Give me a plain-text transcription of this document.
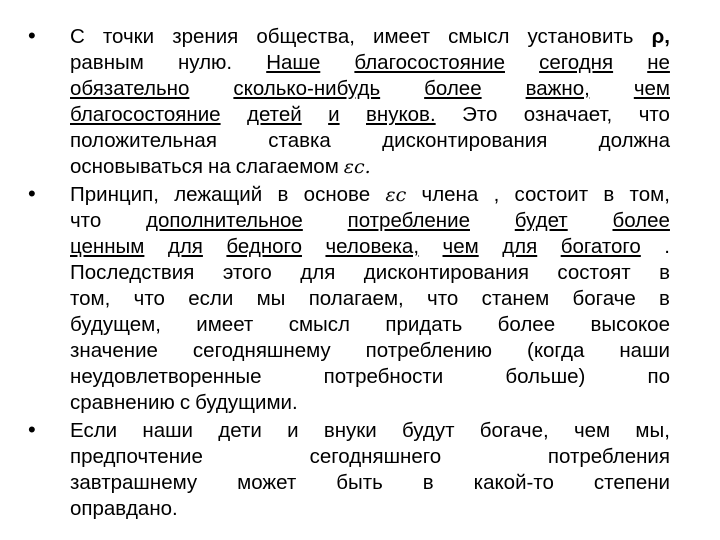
• С точки зрения общества, имеет смысл установить ρ,
равным нулю. Наше благосостояние сегодня не
обязательно сколько-нибудь более важно, чем
благосостояние детей и внуков. Это означает, что
положительная	ставка	дисконтирования	должна
основываться на слагаемом εc.
• Принцип, лежащий в основе εc члена , состоит в том,
что дополнительное потребление будет более
ценным для бедного человека, чем для богатого .
Последствия этого для дисконтирования состоят в
том, что если мы полагаем, что станем богаче в
будущем, имеет смысл придать более высокое
значение сегодняшнему потреблению (когда наши
неудовлетворенные	потребности	больше)	по
сравнению с будущими.
• Если наши дети и внуки будут богаче, чем мы,
предпочтение	сегодняшнего	потребления
завтрашнему может быть в какой-то степени
оправдано.
